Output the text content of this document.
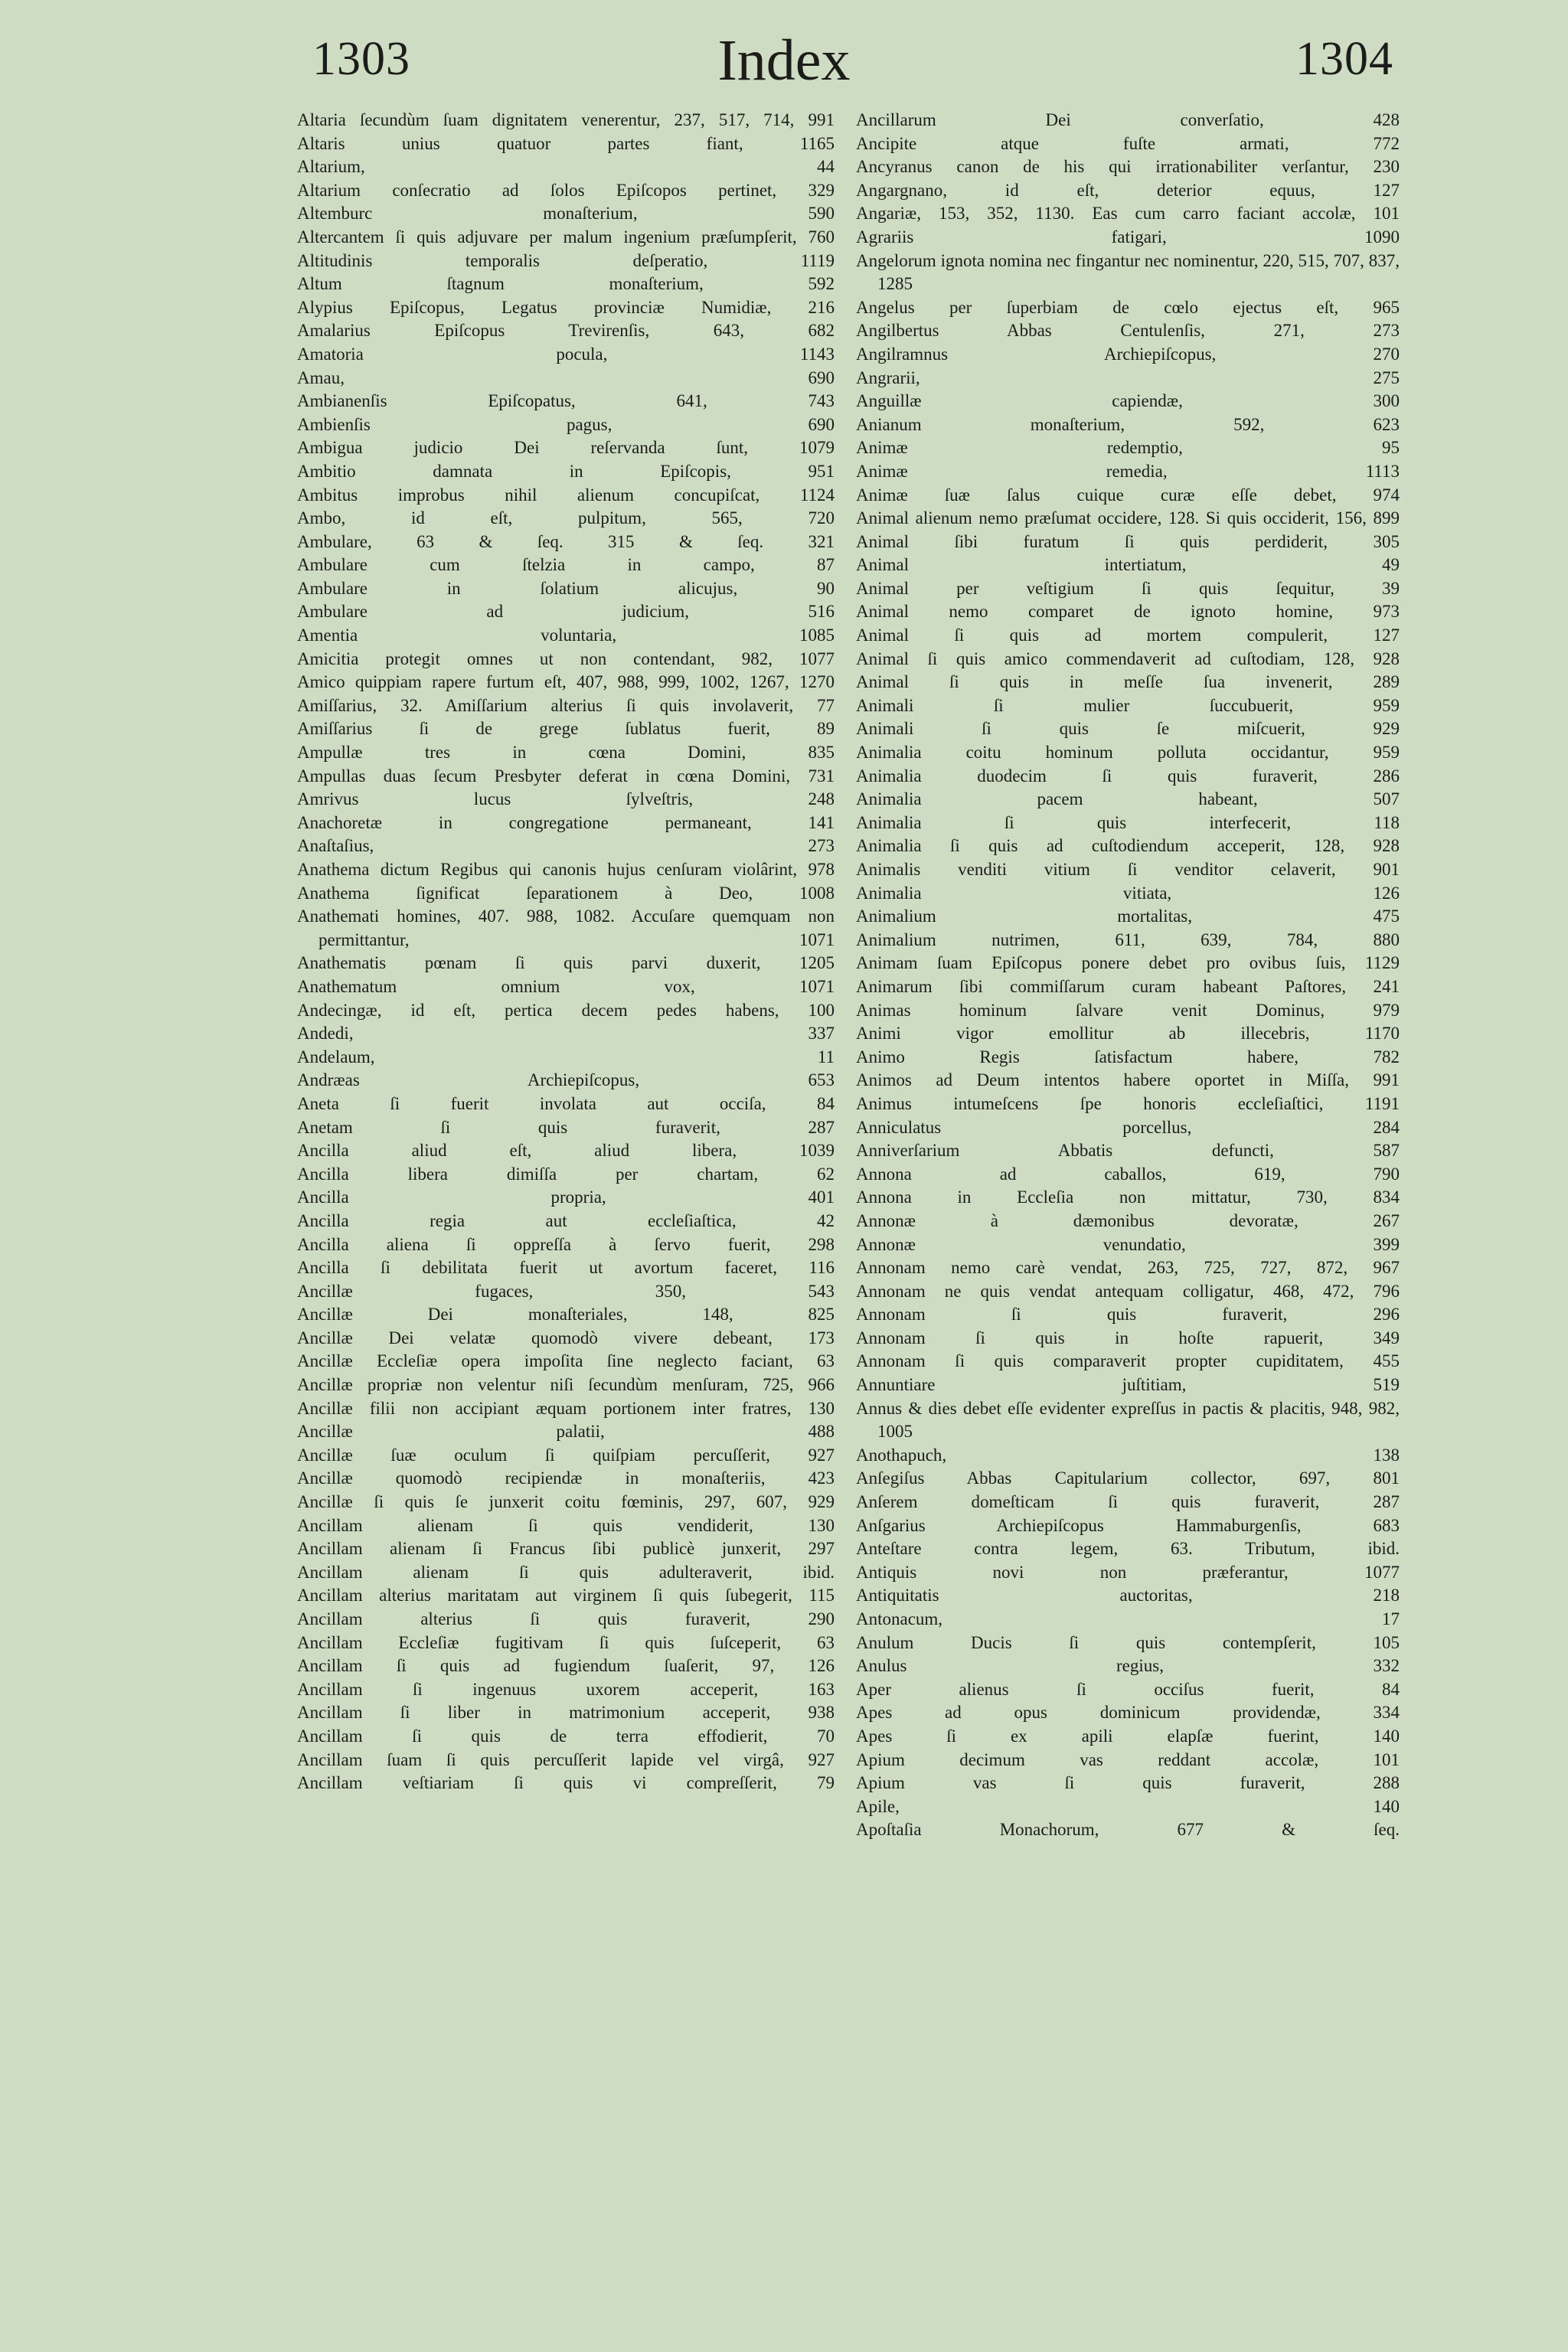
1303	Index	1304
Altaria ſecundùm ſuam dignitatem venerentur, 237, 517, 714, 991
Altaris unius quatuor partes fiant, 1165
Altarium, 44
Altarium conſecratio ad ſolos Epiſcopos pertinet, 329
Altemburc monaſterium, 590
Altercantem ſi quis adjuvare per malum ingenium præſumpſerit, 760
Altitudinis temporalis deſperatio, 1119
Altum ſtagnum monaſterium, 592
Alypius Epiſcopus, Legatus provinciæ Numidiæ, 216
Amalarius Epiſcopus Trevirenſis, 643, 682
Amatoria pocula, 1143
Amau, 690
Ambianenſis Epiſcopatus, 641, 743
Ambienſis pagus, 690
Ambigua judicio Dei reſervanda ſunt, 1079
Ambitio damnata in Epiſcopis, 951
Ambitus improbus nihil alienum concupiſcat, 1124
Ambo, id eſt, pulpitum, 565, 720
Ambulare, 63 & ſeq. 315 & ſeq. 321
Ambulare cum ſtelzia in campo, 87
Ambulare in ſolatium alicujus, 90
Ambulare ad judicium, 516
Amentia voluntaria, 1085
Amicitia protegit omnes ut non contendant, 982, 1077
Amico quippiam rapere furtum eſt, 407, 988, 999, 1002, 1267, 1270
Amiſſarius, 32. Amiſſarium alterius ſi quis involaverit, 77
Amiſſarius ſi de grege ſublatus fuerit, 89
Ampullæ tres in cœna Domini, 835
Ampullas duas ſecum Presbyter deferat in cœna Domini, 731
Amrivus lucus ſylveſtris, 248
Anachoretæ in congregatione permaneant, 141
Anaſtaſius, 273
Anathema dictum Regibus qui canonis hujus cenſuram violârint, 978
Anathema ſignificat ſeparationem à Deo, 1008
Anathemati homines, 407. 988, 1082. Accuſare quemquam non permittantur, 1071
Anathematis pœnam ſi quis parvi duxerit, 1205
Anathematum omnium vox, 1071
Andecingæ, id eſt, pertica decem pedes habens, 100
Andedi, 337
Andelaum, 11
Andræas Archiepiſcopus, 653
Aneta ſi fuerit involata aut occiſa, 84
Anetam ſi quis furaverit, 287
Ancilla aliud eſt, aliud libera, 1039
Ancilla libera dimiſſa per chartam, 62
Ancilla propria, 401
Ancilla regia aut eccleſiaſtica, 42
Ancilla aliena ſi oppreſſa à ſervo fuerit, 298
Ancilla ſi debilitata fuerit ut avortum faceret, 116
Ancillæ fugaces, 350, 543
Ancillæ Dei monaſteriales, 148, 825
Ancillæ Dei velatæ quomodò vivere debeant, 173
Ancillæ Eccleſiæ opera impoſita ſine neglecto faciant, 63
Ancillæ propriæ non velentur niſi ſecundùm menſuram, 725, 966
Ancillæ filii non accipiant æquam portionem inter fratres, 130
Ancillæ palatii, 488
Ancillæ ſuæ oculum ſi quiſpiam percuſſerit, 927
Ancillæ quomodò recipiendæ in monaſteriis, 423
Ancillæ ſi quis ſe junxerit coitu fœminis, 297, 607, 929
Ancillam alienam ſi quis vendiderit, 130
Ancillam alienam ſi Francus ſibi publicè junxerit, 297
Ancillam alienam ſi quis adulteraverit, ibid.
Ancillam alterius maritatam aut virginem ſi quis ſubegerit, 115
Ancillam alterius ſi quis furaverit, 290
Ancillam Eccleſiæ fugitivam ſi quis ſuſceperit, 63
Ancillam ſi quis ad fugiendum ſuaſerit, 97, 126
Ancillam ſi ingenuus uxorem acceperit, 163
Ancillam ſi liber in matrimonium acceperit, 938
Ancillam ſi quis de terra effodierit, 70
Ancillam ſuam ſi quis percuſſerit lapide vel virgâ, 927
Ancillam veſtiariam ſi quis vi compreſſerit, 79
Ancillarum Dei converſatio, 428
Ancipite atque fuſte armati, 772
Ancyranus canon de his qui irrationabiliter verſantur, 230
Angargnano, id eſt, deterior equus, 127
Angariæ, 153, 352, 1130. Eas cum carro faciant accolæ, 101
Agrariis fatigari, 1090
Angelorum ignota nomina nec fingantur nec nominentur, 220, 515, 707, 837, 1285
Angelus per ſuperbiam de cœlo ejectus eſt, 965
Angilbertus Abbas Centulenſis, 271, 273
Angilramnus Archiepiſcopus, 270
Angrarii, 275
Anguillæ capiendæ, 300
Anianum monaſterium, 592, 623
Animæ redemptio, 95
Animæ remedia, 1113
Animæ ſuæ ſalus cuique curæ eſſe debet, 974
Animal alienum nemo præſumat occidere, 128. Si quis occiderit, 156, 899
Animal ſibi furatum ſi quis perdiderit, 305
Animal intertiatum, 49
Animal per veſtigium ſi quis ſequitur, 39
Animal nemo comparet de ignoto homine, 973
Animal ſi quis ad mortem compulerit, 127
Animal ſi quis amico commendaverit ad cuſtodiam, 128, 928
Animal ſi quis in meſſe ſua invenerit, 289
Animali ſi mulier ſuccubuerit, 959
Animali ſi quis ſe miſcuerit, 929
Animalia coitu hominum polluta occidantur, 959
Animalia duodecim ſi quis furaverit, 286
Animalia pacem habeant, 507
Animalia ſi quis interfecerit, 118
Animalia ſi quis ad cuſtodiendum acceperit, 128, 928
Animalis venditi vitium ſi venditor celaverit, 901
Animalia vitiata, 126
Animalium mortalitas, 475
Animalium nutrimen, 611, 639, 784, 880
Animam ſuam Epiſcopus ponere debet pro ovibus ſuis, 1129
Animarum ſibi commiſſarum curam habeant Paſtores, 241
Animas hominum ſalvare venit Dominus, 979
Animi vigor emollitur ab illecebris, 1170
Animo Regis ſatisfactum habere, 782
Animos ad Deum intentos habere oportet in Miſſa, 991
Animus intumeſcens ſpe honoris eccleſiaſtici, 1191
Anniculatus porcellus, 284
Anniverſarium Abbatis defuncti, 587
Annona ad caballos, 619, 790
Annona in Eccleſia non mittatur, 730, 834
Annonæ à dæmonibus devoratæ, 267
Annonæ venundatio, 399
Annonam nemo carè vendat, 263, 725, 727, 872, 967
Annonam ne quis vendat antequam colligatur, 468, 472, 796
Annonam ſi quis furaverit, 296
Annonam ſi quis in hoſte rapuerit, 349
Annonam ſi quis comparaverit propter cupiditatem, 455
Annuntiare juſtitiam, 519
Annus & dies debet eſſe evidenter expreſſus in pactis & placitis, 948, 982, 1005
Anothapuch, 138
Anſegiſus Abbas Capitularium collector, 697, 801
Anſerem domeſticam ſi quis furaverit, 287
Anſgarius Archiepiſcopus Hammaburgenſis, 683
Anteſtare contra legem, 63. Tributum, ibid.
Antiquis novi non præferantur, 1077
Antiquitatis auctoritas, 218
Antonacum, 17
Anulum Ducis ſi quis contempſerit, 105
Anulus regius, 332
Aper alienus ſi occiſus fuerit, 84
Apes ad opus dominicum providendæ, 334
Apes ſi ex apili elapſæ fuerint, 140
Apium decimum vas reddant accolæ, 101
Apium vas ſi quis furaverit, 288
Apile, 140
Apoſtaſia Monachorum, 677 & ſeq.
